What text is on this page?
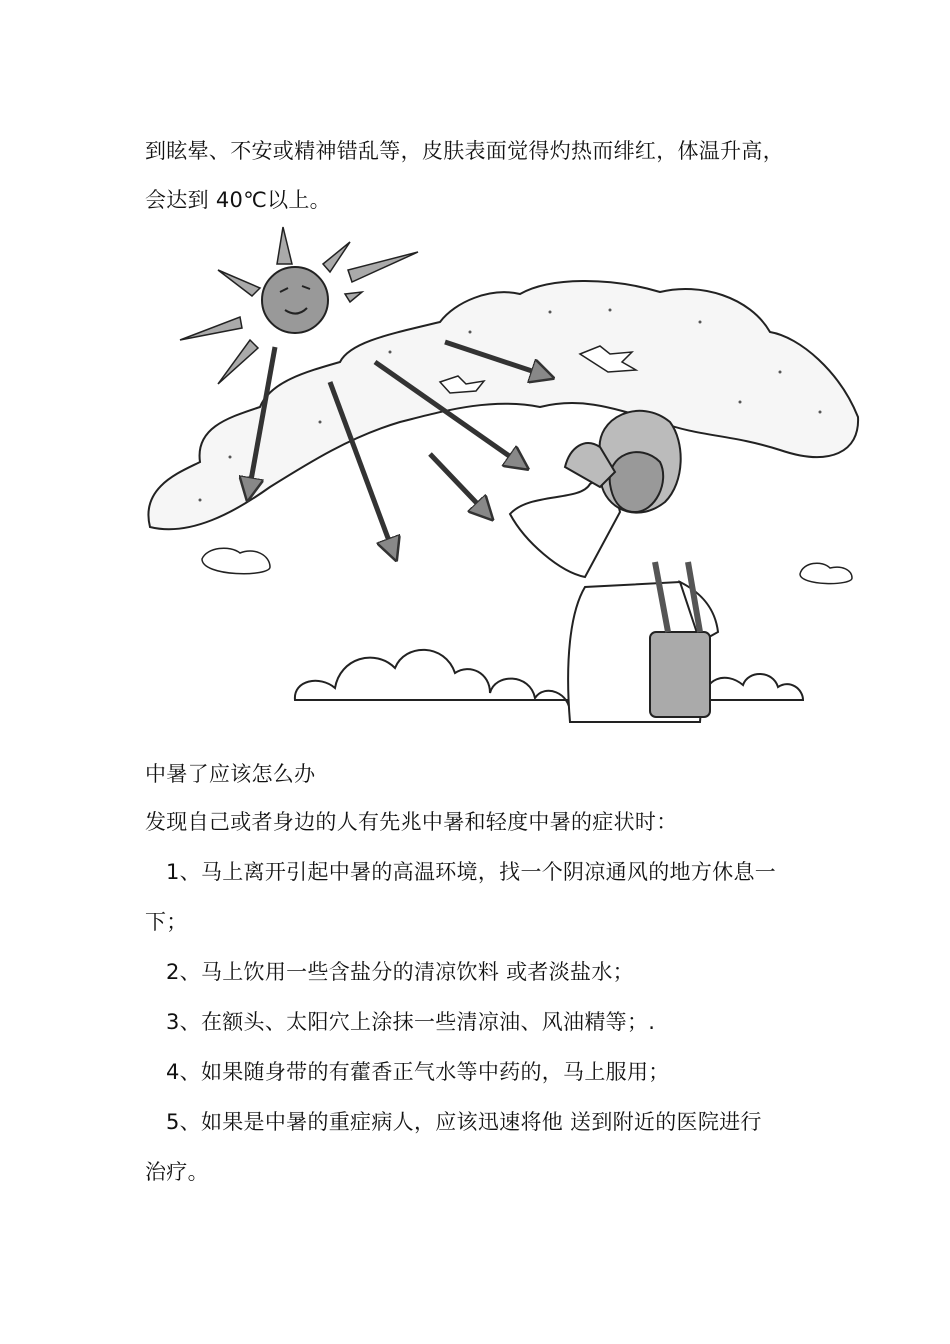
到眩晕、不安或精神错乱等，皮肤表面觉得灼热而绯红，体温升高，
会达到 40℃以上。
中暑了应该怎么办
发现自己或者身边的人有先兆中暑和轻度中暑的症状时：
1、马上离开引起中暑的高温环境，找一个阴凉通风的地方休息一
下；
2、马上饮用一些含盐分的清凉饮料 或者淡盐水；
3、在额头、太阳穴上涂抹一些清凉油、风油精等；.
4、如果随身带的有藿香正气水等中药的，马上服用；
5、如果是中暑的重症病人，应该迅速将他 送到附近的医院进行
治疗。
